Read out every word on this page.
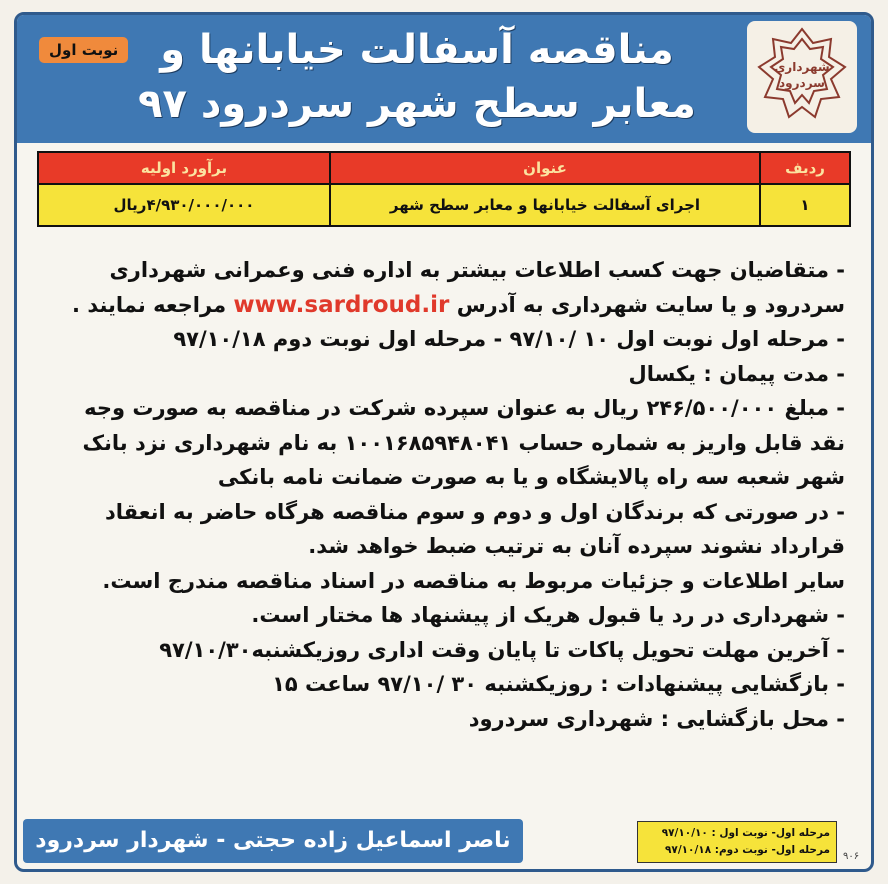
شهرداری
سردرود
مناقصه آسفالت خیابانها و
معابر سطح شهر سردرود ۹۷
نوبت اول
ردیف	عنوان	برآورد اولیه
۱	اجرای آسفالت خیابانها و معابر سطح شهر	۴/۹۳۰/۰۰۰/۰۰۰ریال

- متقاضیان جهت کسب اطلاعات بیشتر به اداره فنی وعمرانی شهرداری سردرود و یا سایت شهرداری به آدرس www.sardroud.ir مراجعه نمایند .

- مرحله اول نوبت اول ۱۰ /۹۷/۱۰ - مرحله اول نوبت دوم ۹۷/۱۰/۱۸

- مدت پیمان : یکسال

- مبلغ ۲۴۶/۵۰۰/۰۰۰ ریال به عنوان سپرده شرکت در مناقصه به صورت وجه نقد قابل واریز به شماره حساب ۱۰۰۱۶۸۵۹۴۸۰۴۱ به نام شهرداری نزد بانک شهر شعبه سه راه پالایشگاه و یا به صورت ضمانت نامه بانکی

- در صورتی که برندگان اول و دوم و سوم مناقصه هرگاه حاضر به انعقاد قرارداد نشوند سپرده آنان به ترتیب ضبط خواهد شد.

سایر اطلاعات و جزئیات مربوط به مناقصه در اسناد مناقصه مندرج است.

- شهرداری در رد یا قبول هریک از پیشنهاد ها مختار است.

- آخرین مهلت تحویل پاکات تا پایان وقت اداری روزیکشنبه۹۷/۱۰/۳۰

- بازگشایی پیشنهادات : روزیکشنبه ۳۰ /۹۷/۱۰ ساعت ۱۵

- محل بازگشایی : شهرداری سردرود

ناصر اسماعیل زاده حجتی - شهردار سردرود	مرحله اول- نوبت اول : ۹۷/۱۰/۱۰
مرحله اول- نوبت دوم: ۹۷/۱۰/۱۸
۹۰۶
